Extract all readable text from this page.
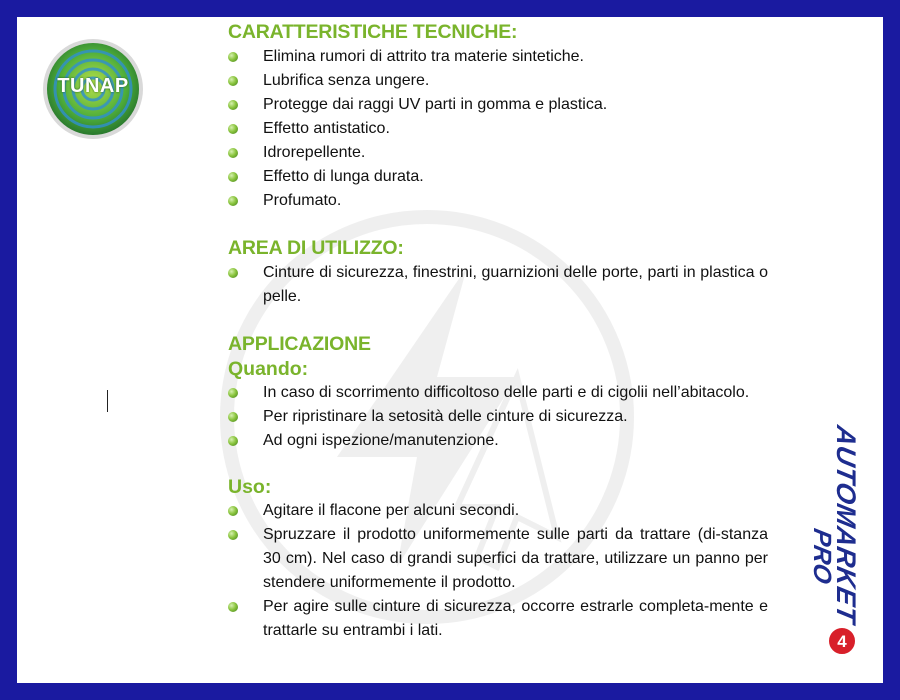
TUNAP
CARATTERISTICHE TECNICHE:
Elimina rumori di attrito tra materie sintetiche.
Lubrifica senza ungere.
Protegge dai raggi UV parti in gomma e plastica.
Effetto antistatico.
Idrorepellente.
Effetto di lunga durata.
Profumato.
AREA DI UTILIZZO:
Cinture di sicurezza, finestrini, guarnizioni delle porte, parti in plastica o pelle.
APPLICAZIONE
Quando:
In caso di scorrimento difficoltoso delle parti e di cigolii nell’abitacolo.
Per ripristinare la setosità delle cinture di sicurezza.
Ad ogni ispezione/manutenzione.
Uso:
Agitare il flacone per alcuni secondi.
Spruzzare il prodotto uniformemente sulle parti da trattare (di-stanza 30 cm). Nel caso di grandi superfici da trattare, utilizzare un panno per stendere uniformemente il prodotto.
Per agire sulle cinture di sicurezza, occorre estrarle completa-mente e trattarle su entrambi i lati.
AUTOMARKET
PRO
4
